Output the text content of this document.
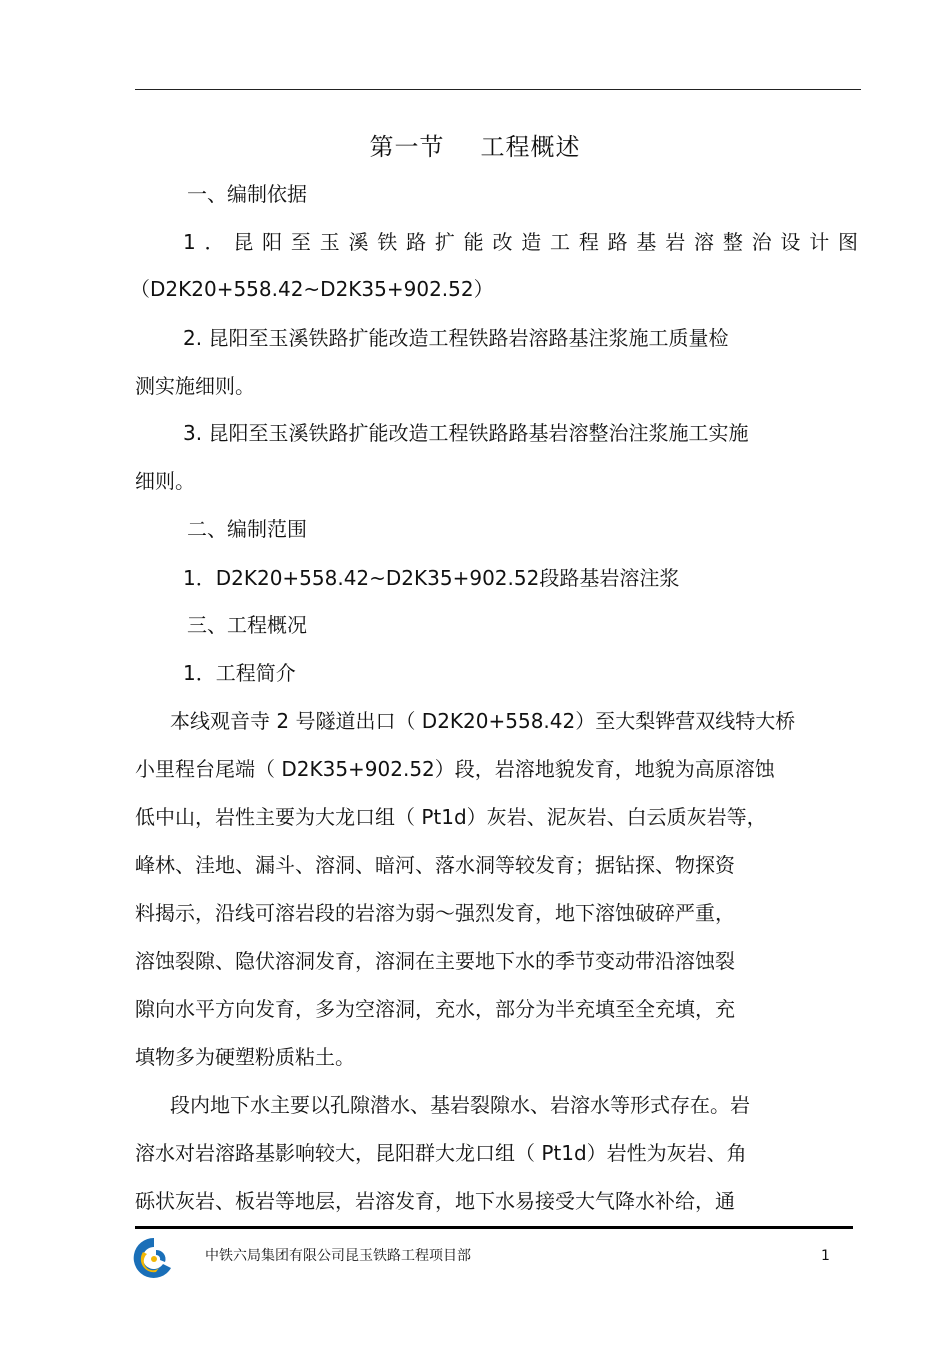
第一节 工程概述
一、编制依据
1．昆阳至玉溪铁路扩能改造工程路基岩溶整治设计图
（D2K20+558.42~D2K35+902.52）
2. 昆阳至玉溪铁路扩能改造工程铁路岩溶路基注浆施工质量检
测实施细则。
3. 昆阳至玉溪铁路扩能改造工程铁路路基岩溶整治注浆施工实施
细则。
二、编制范围
1．D2K20+558.42~D2K35+902.52段路基岩溶注浆
三、工程概况
1．工程简介
本线观音寺 2 号隧道出口（ D2K20+558.42）至大梨铧营双线特大桥
小里程台尾端（ D2K35+902.52）段，岩溶地貌发育，地貌为高原溶蚀
低中山，岩性主要为大龙口组（ Pt1d）灰岩、泥灰岩、白云质灰岩等，
峰林、洼地、漏斗、溶洞、暗河、落水洞等较发育；据钻探、物探资
料揭示，沿线可溶岩段的岩溶为弱～强烈发育，地下溶蚀破碎严重，
溶蚀裂隙、隐伏溶洞发育，溶洞在主要地下水的季节变动带沿溶蚀裂
隙向水平方向发育，多为空溶洞，充水，部分为半充填至全充填，充
填物多为硬塑粉质粘土。
段内地下水主要以孔隙潜水、基岩裂隙水、岩溶水等形式存在。岩
溶水对岩溶路基影响较大，昆阳群大龙口组（ Pt1d）岩性为灰岩、角
砾状灰岩、板岩等地层，岩溶发育，地下水易接受大气降水补给，通
中铁六局集团有限公司昆玉铁路工程项目部	1
